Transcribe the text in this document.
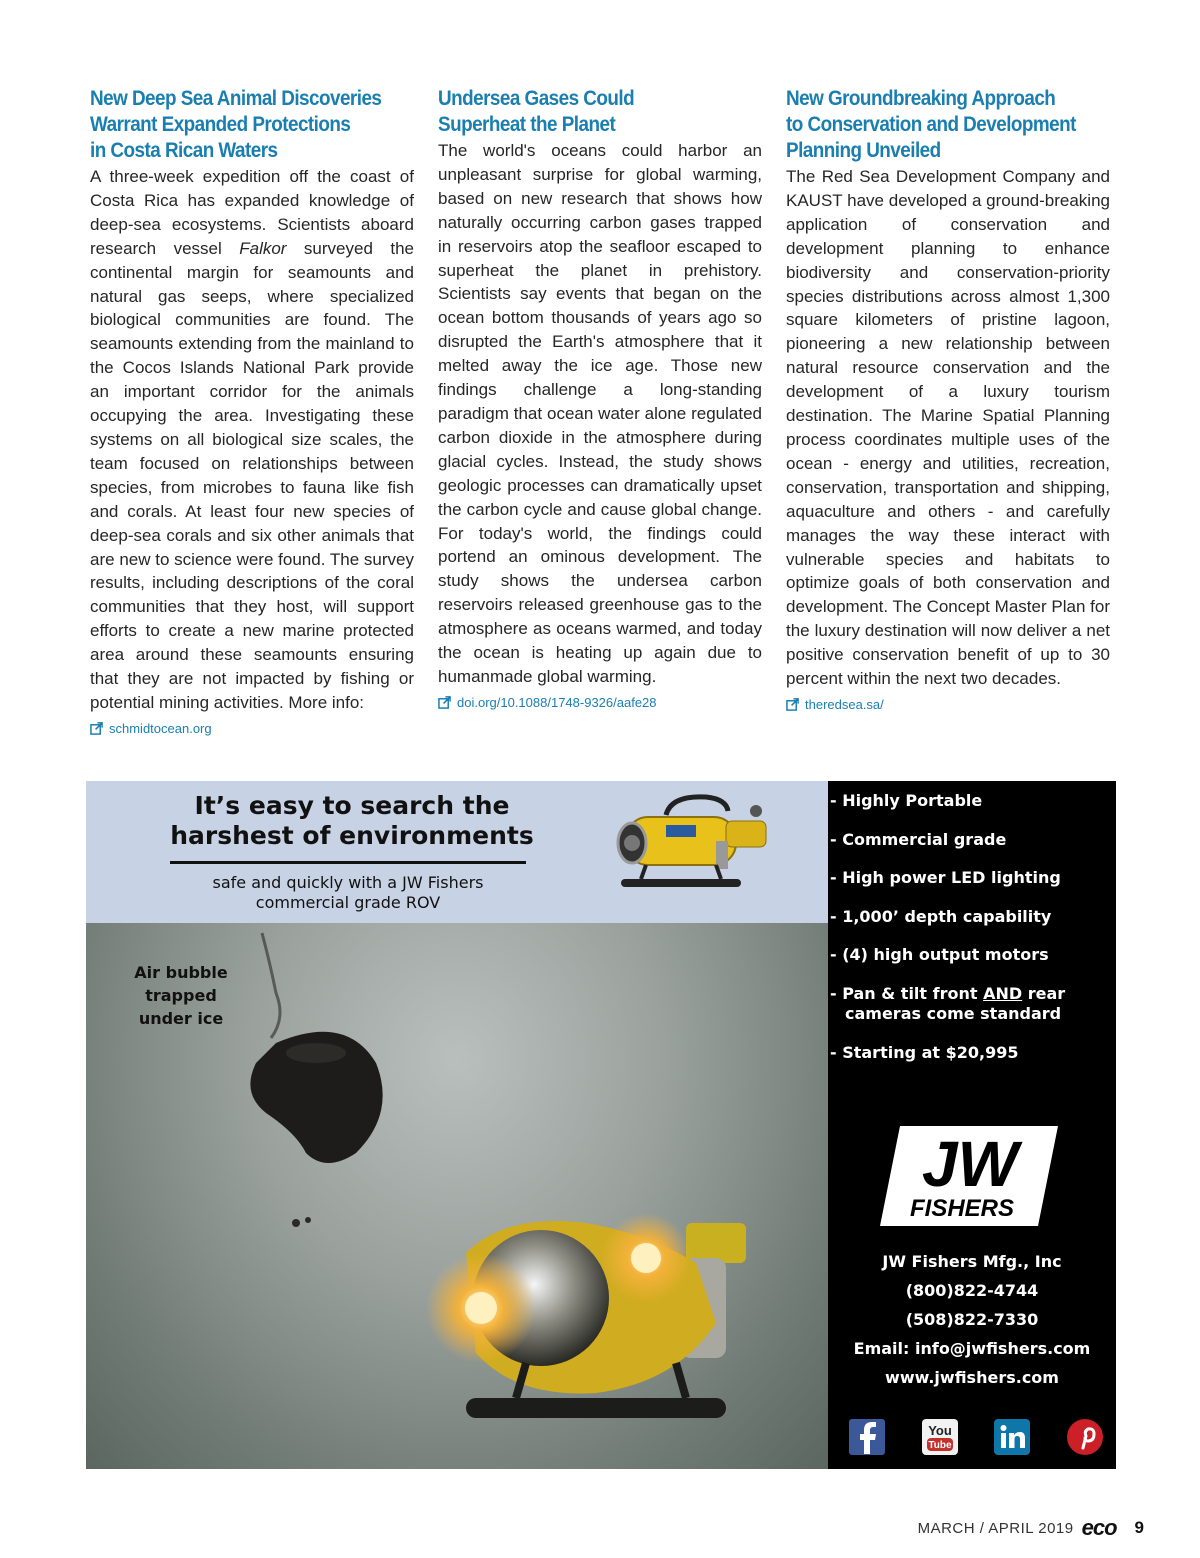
New Deep Sea Animal Discoveries
Warrant Expanded Protections
in Costa Rican Waters

A three-week expedition off the coast of Costa Rica has expanded knowledge of deep-sea ecosystems. Scientists aboard research vessel Falkor surveyed the continental margin for seamounts and natural gas seeps, where specialized biological communities are found. The seamounts extending from the mainland to the Cocos Islands National Park provide an important corridor for the animals occupying the area. Investigating these systems on all biological size scales, the team focused on relationships between species, from microbes to fauna like fish and corals. At least four new species of deep-sea corals and six other animals that are new to science were found. The survey results, including descriptions of the coral communities that they host, will support efforts to create a new marine protected area around these seamounts ensuring that they are not impacted by fishing or potential mining activities. More info:

schmidtocean.org
Undersea Gases Could
Superheat the Planet

The world's oceans could harbor an unpleasant surprise for global warming, based on new research that shows how naturally occurring carbon gases trapped in reservoirs atop the seafloor escaped to superheat the planet in prehistory. Scientists say events that began on the ocean bottom thousands of years ago so disrupted the Earth's atmosphere that it melted away the ice age. Those new findings challenge a long-standing paradigm that ocean water alone regulated carbon dioxide in the atmosphere during glacial cycles. Instead, the study shows geologic processes can dramatically upset the carbon cycle and cause global change. For today's world, the findings could portend an ominous development. The study shows the undersea carbon reservoirs released greenhouse gas to the atmosphere as oceans warmed, and today the ocean is heating up again due to humanmade global warming.

doi.org/10.1088/1748-9326/aafe28
New Groundbreaking Approach
to Conservation and Development
Planning Unveiled

The Red Sea Development Company and KAUST have developed a ground-breaking application of conservation and development planning to enhance biodiversity and conservation-priority species distributions across almost 1,300 square kilometers of pristine lagoon, pioneering a new relationship between natural resource conservation and the development of a luxury tourism destination. The Marine Spatial Planning process coordinates multiple uses of the ocean - energy and utilities, recreation, conservation, transportation and shipping, aquaculture and others - and carefully manages the way these interact with vulnerable species and habitats to optimize goals of both conservation and development. The Concept Master Plan for the luxury destination will now deliver a net positive conservation benefit of up to 30 percent within the next two decades.

theredsea.sa/
It’s easy to search the
harshest of environments
safe and quickly with a JW Fishers
commercial grade ROV
Air bubble
trapped
under ice
- Highly Portable
- Commercial grade
- High power LED lighting
- 1,000’ depth capability
- (4) high output motors
- Pan & tilt front AND rear cameras come standard
- Starting at $20,995
JW
FISHERS
JW Fishers Mfg., Inc
(800)822-4744
(508)822-7330
Email: info@jwfishers.com
www.jwfishers.com
You
Tube
MARCH / APRIL 2019 eco 9
